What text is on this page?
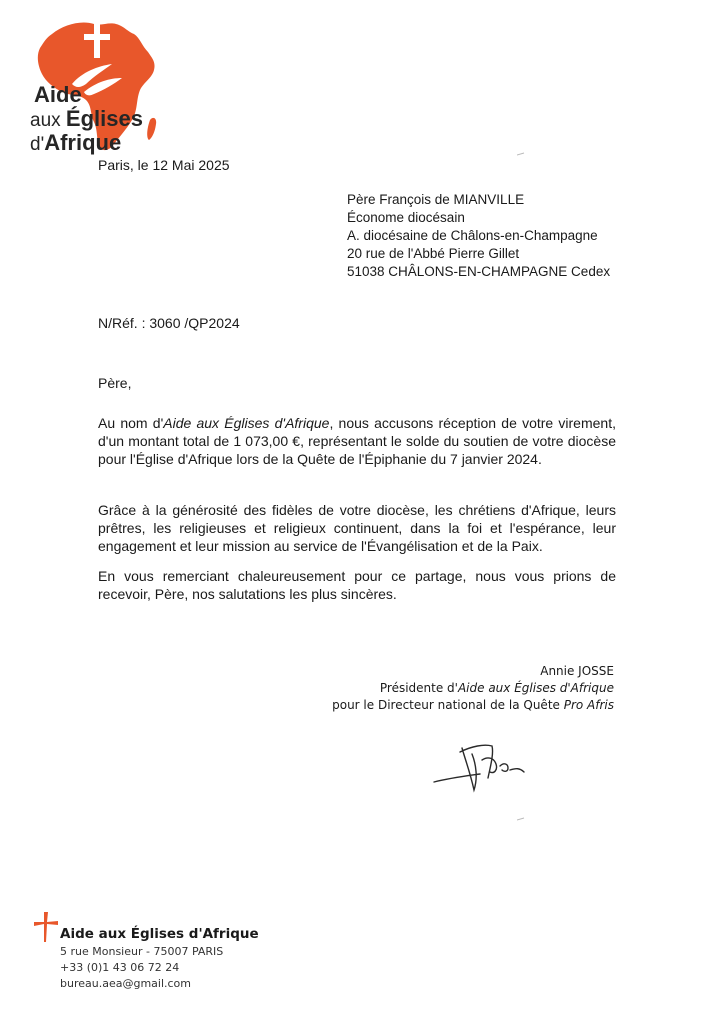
Aide
aux Églises
d'Afrique
Paris, le 12 Mai 2025
Père François de MIANVILLE
Économe diocésain
A. diocésaine de Châlons-en-Champagne
20 rue de l'Abbé Pierre Gillet
51038 CHÂLONS-EN-CHAMPAGNE Cedex
N/Réf. : 3060 /QP2024
Père,
Au nom d'Aide aux Églises d'Afrique, nous accusons réception de votre virement, d'un montant total de 1 073,00 €, représentant le solde du soutien de votre diocèse pour l'Église d'Afrique lors de la Quête de l'Épiphanie du 7 janvier 2024.
Grâce à la générosité des fidèles de votre diocèse, les chrétiens d'Afrique, leurs prêtres, les religieuses et religieux continuent, dans la foi et l'espérance, leur engagement et leur mission au service de l'Évangélisation et de la Paix.
En vous remerciant chaleureusement pour ce partage, nous vous prions de recevoir, Père, nos salutations les plus sincères.
Annie JOSSE
Présidente d'Aide aux Églises d'Afrique
pour le Directeur national de la Quête Pro Afris
Aide aux Églises d'Afrique
5 rue Monsieur - 75007 PARIS
+33 (0)1 43 06 72 24
bureau.aea@gmail.com
